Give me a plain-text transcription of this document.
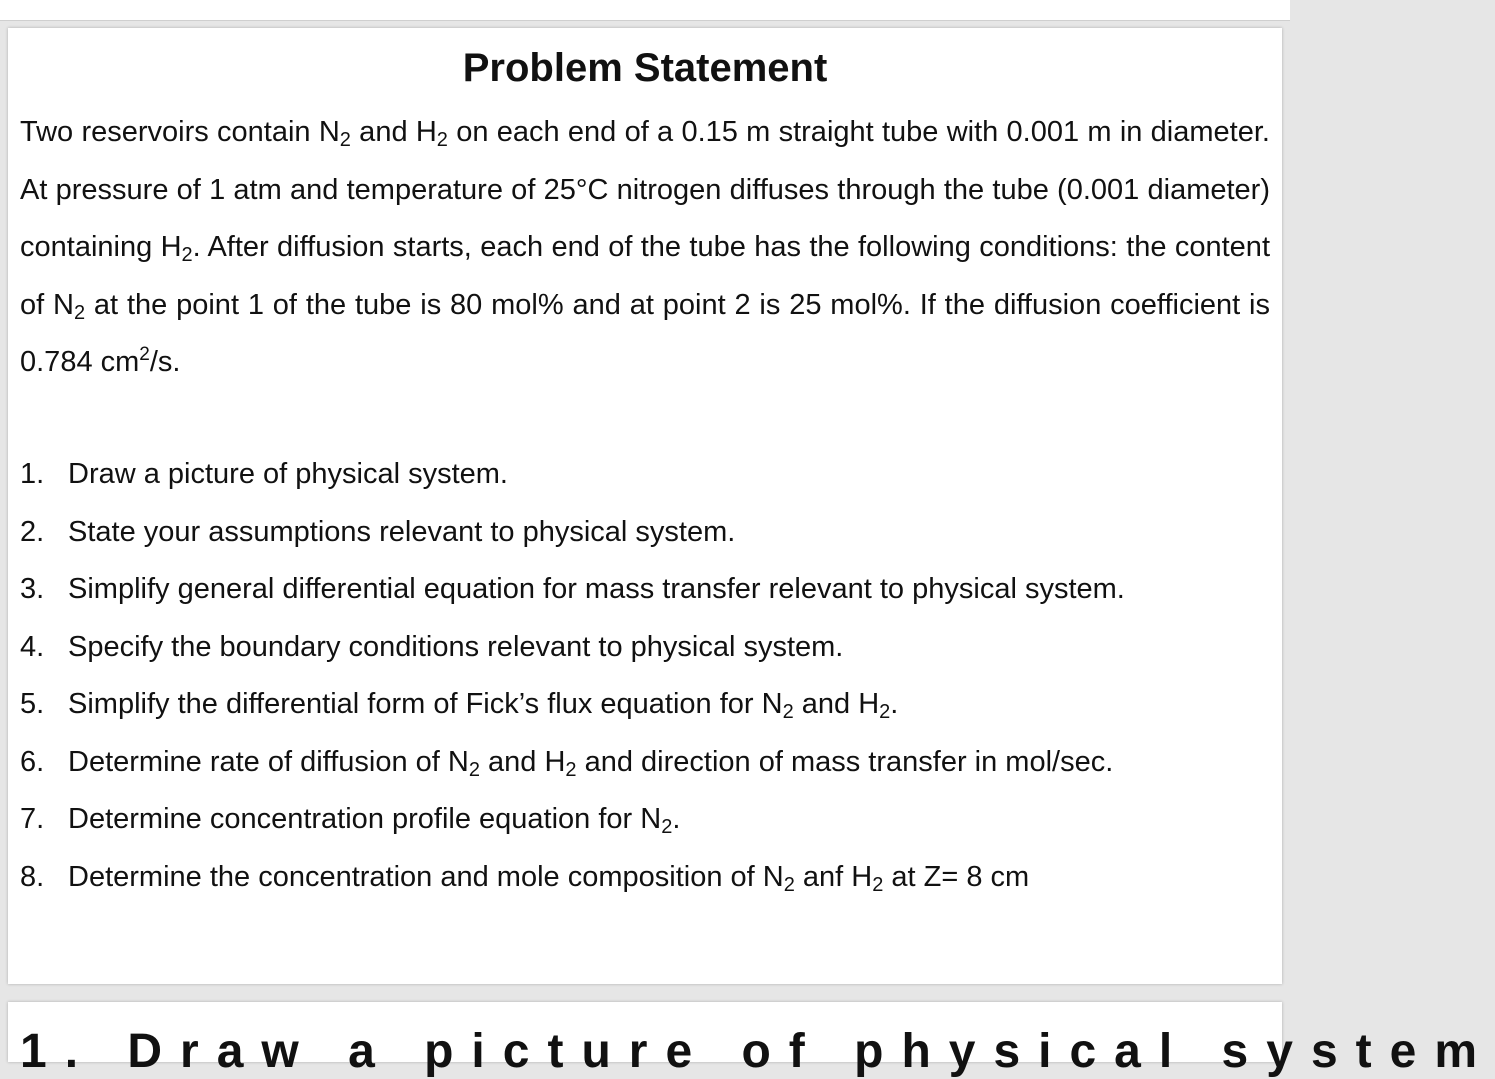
Problem Statement
Two reservoirs contain $N_2$ and $H_2$ on each end of a 0.15 m straight tube with 0.001 m in diameter. At pressure of 1 atm and temperature of 25°C nitrogen diffuses through the tube (0.001 diameter) containing $H_2$. After diffusion starts, each end of the tube has the following conditions: the content of $N_2$ at the point 1 of the tube is 80 mol% and at point 2 is 25 mol%. If the diffusion coefficient is 0.784 $cm^2/s$.
1. Draw a picture of physical system.
2. State your assumptions relevant to physical system.
3. Simplify general differential equation for mass transfer relevant to physical system.
4. Specify the boundary conditions relevant to physical system.
5. Simplify the differential form of Fick’s flux equation for $N_2$ and $H_2$.
6. Determine rate of diffusion of $N_2$ and $H_2$ and direction of mass transfer in mol/sec.
7. Determine concentration profile equation for $N_2$.
8. Determine the concentration and mole composition of $N_2$ anf $H_2$ at Z= 8 cm
1. Draw a picture of physical system
